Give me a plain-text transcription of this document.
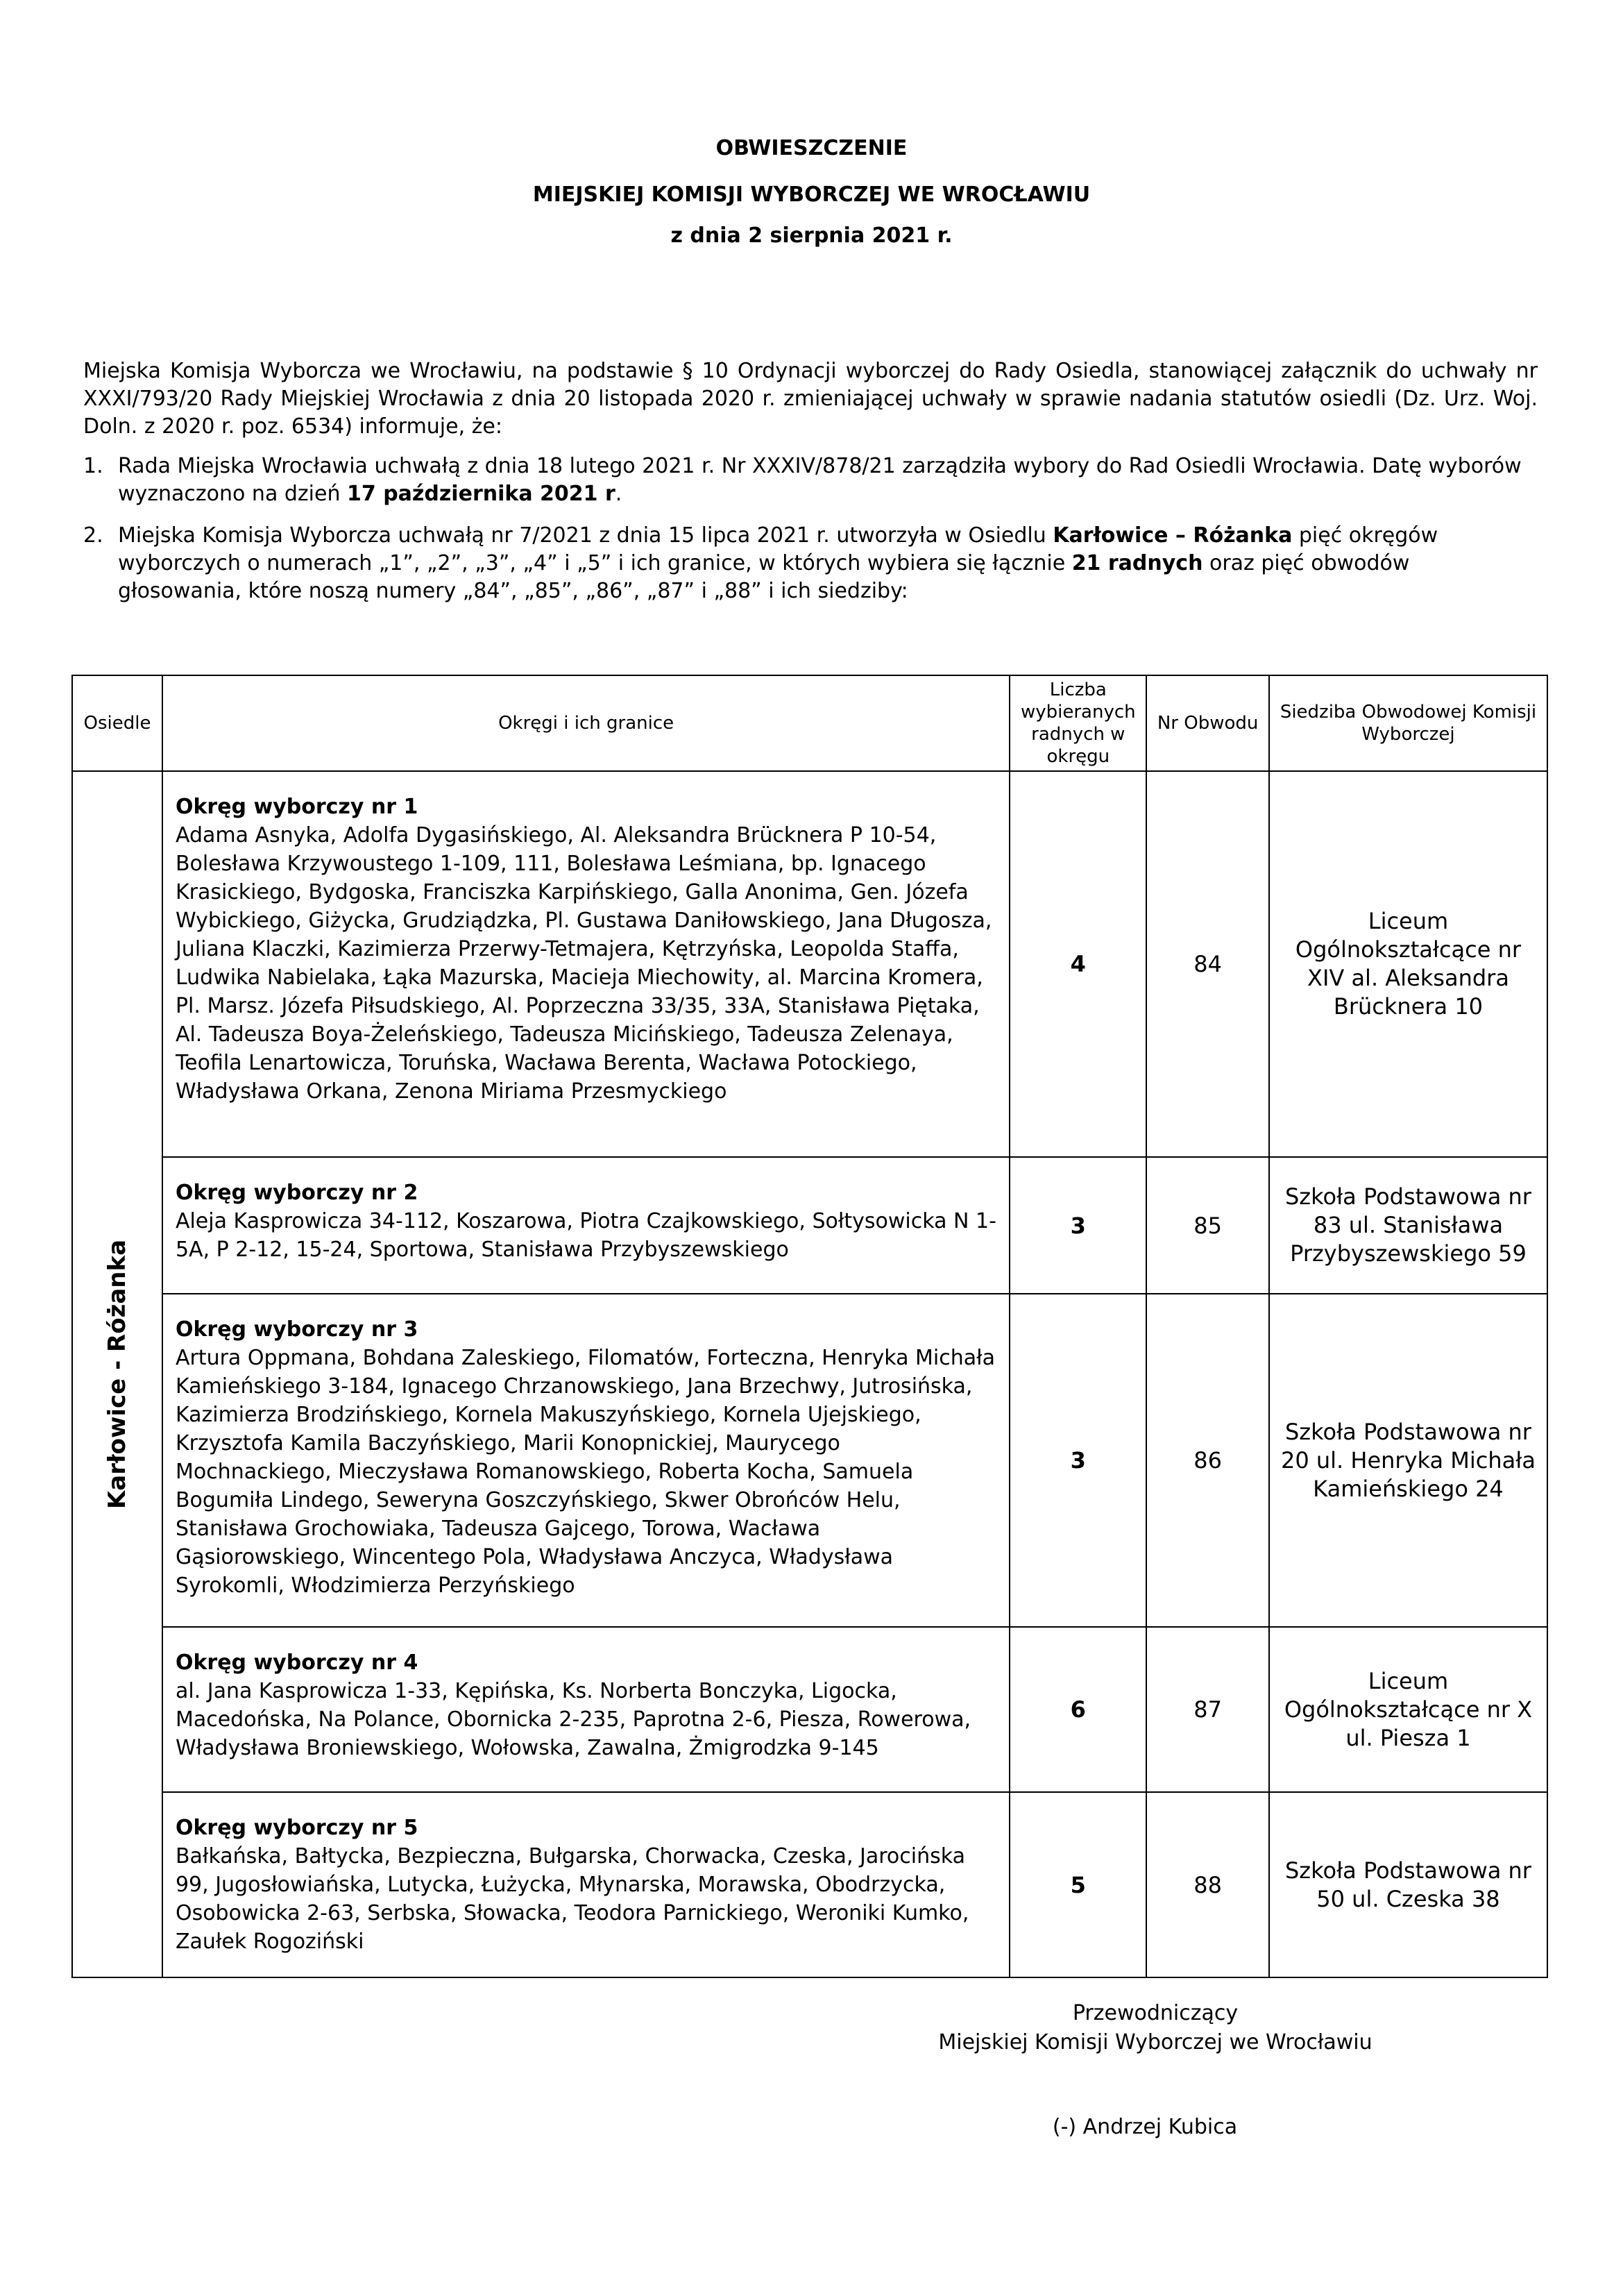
OBWIESZCZENIE
MIEJSKIEJ KOMISJI WYBORCZEJ WE WROCŁAWIU
z dnia 2 sierpnia 2021 r.
Miejska Komisja Wyborcza we Wrocławiu, na podstawie § 10 Ordynacji wyborczej do Rady Osiedla, stanowiącej załącznik do uchwały nr XXXI/793/20 Rady Miejskiej Wrocławia z dnia 20 listopada 2020 r. zmieniającej uchwały w sprawie nadania statutów osiedli (Dz. Urz. Woj. Doln. z 2020 r. poz. 6534) informuje, że:
1. Rada Miejska Wrocławia uchwałą z dnia 18 lutego 2021 r. Nr XXXIV/878/21 zarządziła wybory do Rad Osiedli Wrocławia. Datę wyborów wyznaczono na dzień 17 października 2021 r.
2. Miejska Komisja Wyborcza uchwałą nr 7/2021 z dnia 15 lipca 2021 r. utworzyła w Osiedlu Karłowice – Różanka pięć okręgów wyborczych o numerach „1”, „2”, „3”, „4” i „5” i ich granice, w których wybiera się łącznie 21 radnych oraz pięć obwodów głosowania, które noszą numery „84”, „85”, „86”, „87” i „88” i ich siedziby:
Osiedle	Okręgi i ich granice	Liczba wybieranych radnych w okręgu	Nr Obwodu	Siedziba Obwodowej Komisji Wyborczej

Karłowice - Różanka	Okręg wyborczy nr 1
Adama Asnyka, Adolfa Dygasińskiego, Al. Aleksandra Brücknera P 10-54, Bolesława Krzywoustego 1-109, 111, Bolesława Leśmiana, bp. Ignacego Krasickiego, Bydgoska, Franciszka Karpińskiego, Galla Anonima, Gen. Józefa Wybickiego, Giżycka, Grudziądzka, Pl. Gustawa Daniłowskiego, Jana Długosza, Juliana Klaczki, Kazimierza Przerwy-Tetmajera, Kętrzyńska, Leopolda Staffa, Ludwika Nabielaka, Łąka Mazurska, Macieja Miechowity, al. Marcina Kromera, Pl. Marsz. Józefa Piłsudskiego, Al. Poprzeczna 33/35, 33A, Stanisława Piętaka, Al. Tadeusza Boya-Żeleńskiego, Tadeusza Micińskiego, Tadeusza Zelenaya, Teofila Lenartowicza, Toruńska, Wacława Berenta, Wacława Potockiego, Władysława Orkana, Zenona Miriama Przesmyckiego	4	84	Liceum Ogólnokształcące nr XIV al. Aleksandra Brücknera 10

	Okręg wyborczy nr 2
Aleja Kasprowicza 34-112, Koszarowa, Piotra Czajkowskiego, Sołtysowicka N 1-5A, P 2-12, 15-24, Sportowa, Stanisława Przybyszewskiego	3	85	Szkoła Podstawowa nr 83 ul. Stanisława Przybyszewskiego 59

	Okręg wyborczy nr 3
Artura Oppmana, Bohdana Zaleskiego, Filomatów, Forteczna, Henryka Michała Kamieńskiego 3-184, Ignacego Chrzanowskiego, Jana Brzechwy, Jutrosińska, Kazimierza Brodzińskiego, Kornela Makuszyńskiego, Kornela Ujejskiego, Krzysztofa Kamila Baczyńskiego, Marii Konopnickiej, Maurycego Mochnackiego, Mieczysława Romanowskiego, Roberta Kocha, Samuela Bogumiła Lindego, Seweryna Goszczyńskiego, Skwer Obrońców Helu, Stanisława Grochowiaka, Tadeusza Gajcego, Torowa, Wacława Gąsiorowskiego, Wincentego Pola, Władysława Anczyca, Władysława Syrokomli, Włodzimierza Perzyńskiego	3	86	Szkoła Podstawowa nr 20 ul. Henryka Michała Kamieńskiego 24

	Okręg wyborczy nr 4
al. Jana Kasprowicza 1-33, Kępińska, Ks. Norberta Bonczyka, Ligocka, Macedońska, Na Polance, Obornicka 2-235, Paprotna 2-6, Piesza, Rowerowa, Władysława Broniewskiego, Wołowska, Zawalna, Żmigrodzka 9-145	6	87	Liceum Ogólnokształcące nr X ul. Piesza 1

	Okręg wyborczy nr 5
Bałkańska, Bałtycka, Bezpieczna, Bułgarska, Chorwacka, Czeska, Jarocińska 99, Jugosłowiańska, Lutycka, Łużycka, Młynarska, Morawska, Obodrzycka, Osobowicka 2-63, Serbska, Słowacka, Teodora Parnickiego, Weroniki Kumko, Zaułek Rogoziński	5	88	Szkoła Podstawowa nr 50 ul. Czeska 38
Przewodniczący
Miejskiej Komisji Wyborczej we Wrocławiu
(-) Andrzej Kubica
